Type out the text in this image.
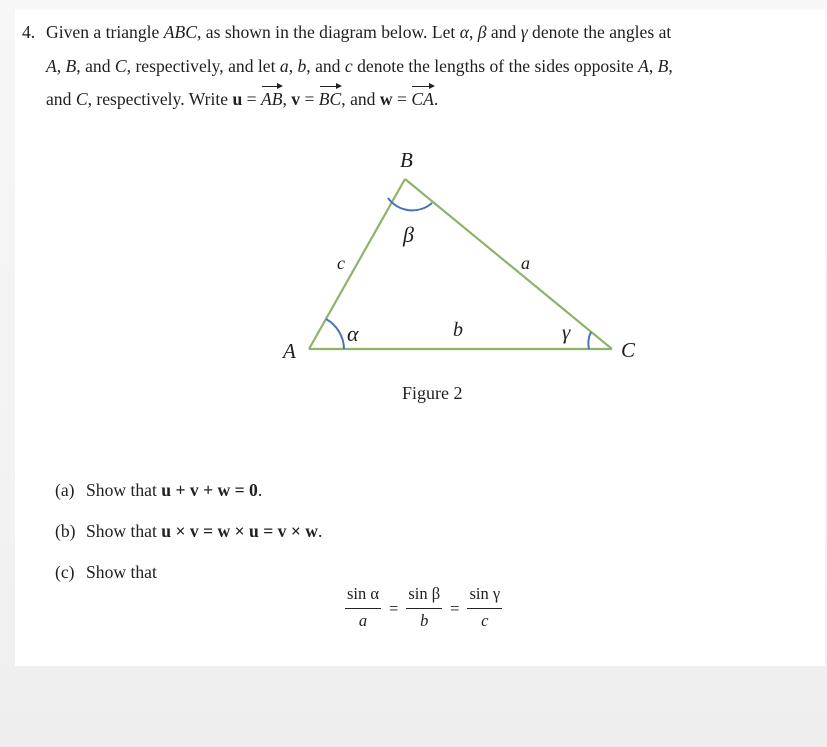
4. Given a triangle ABC, as shown in the diagram below. Let α, β and γ denote the angles at
A, B, and C, respectively, and let a, b, and c denote the lengths of the sides opposite A, B,
and C, respectively. Write u = AB, v = BC, and w = CA.
A
B
C
c	a
b
α
β
γ
Figure 2
(a) Show that u + v + w = 0.
(b) Show that u × v = w × u = v × w.
(c) Show that
$\frac{\text{sin α}}{a} = \frac{\text{sin β}}{b} = \frac{\text{sin γ}}{c}$
